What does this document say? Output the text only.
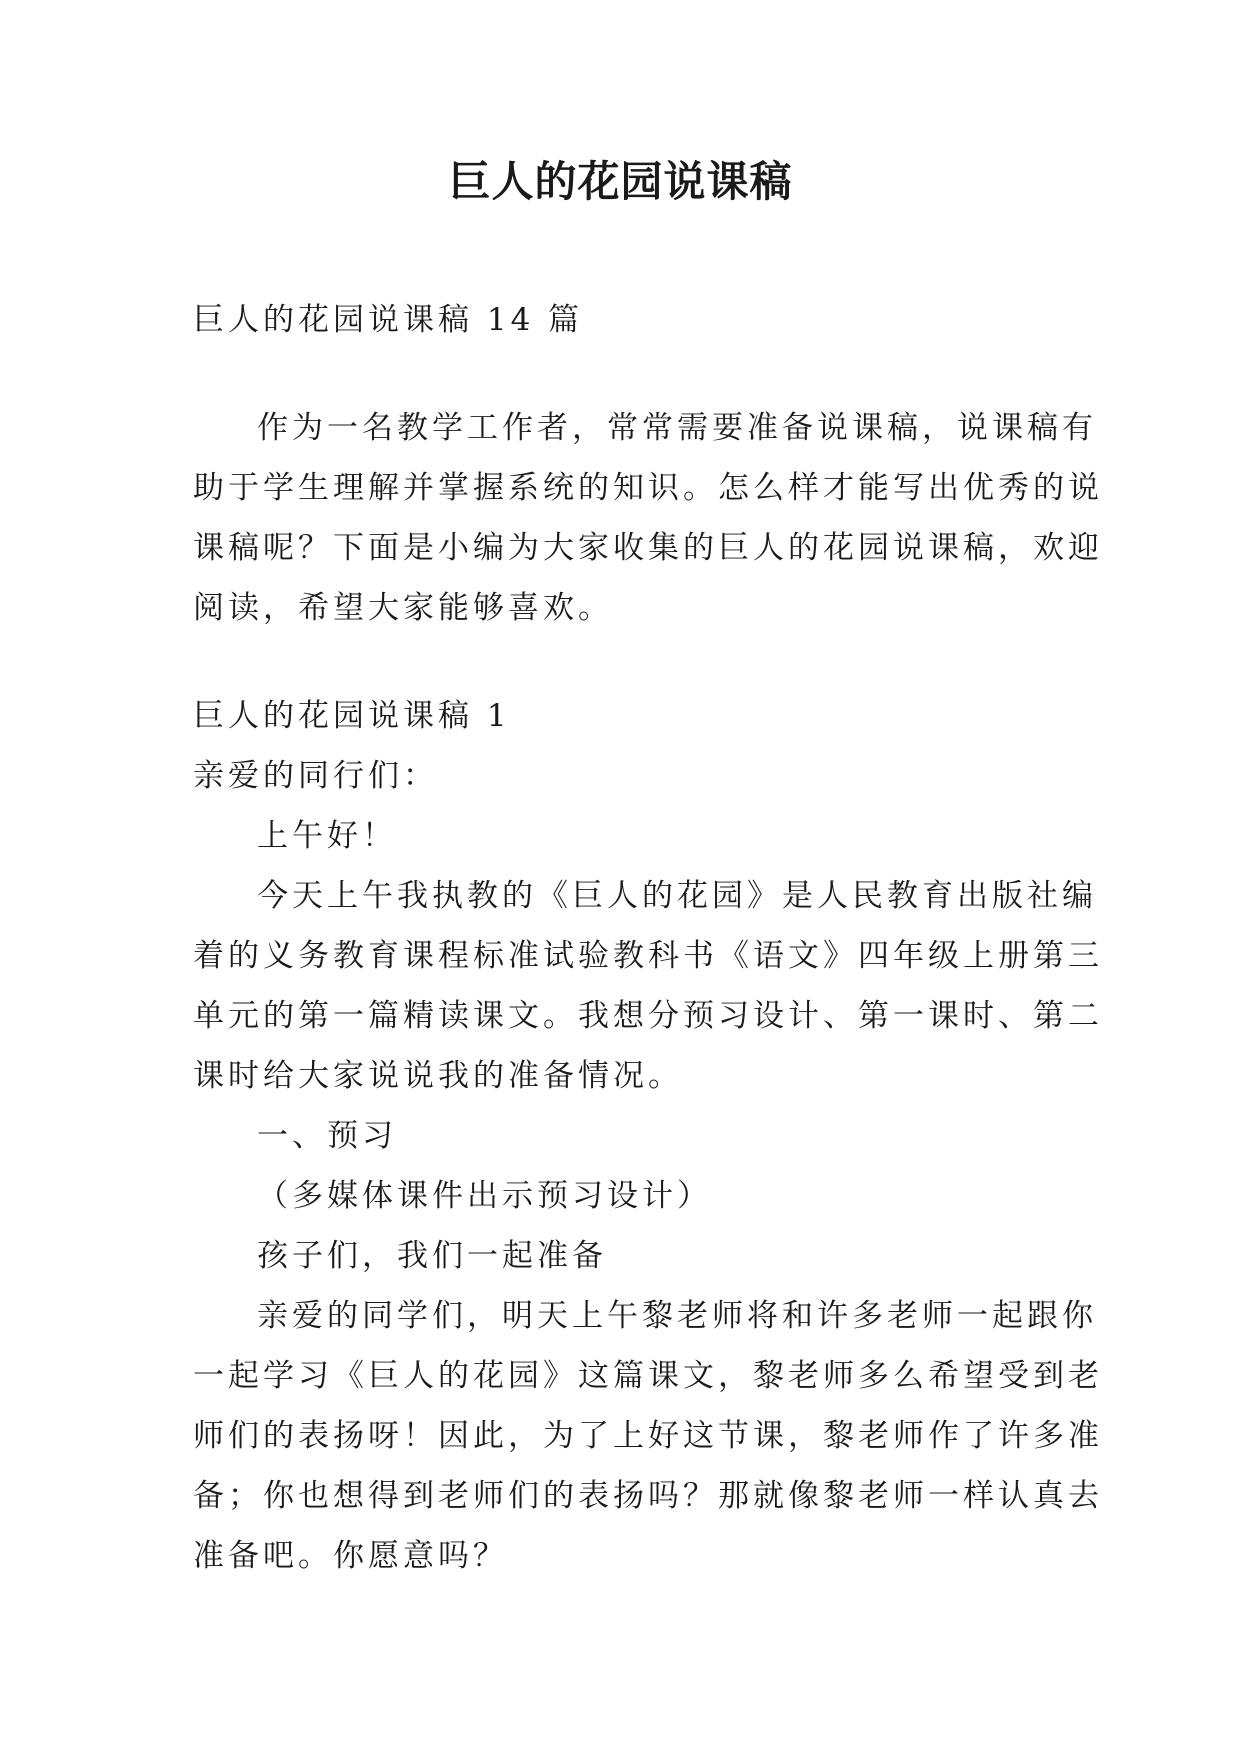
巨人的花园说课稿
巨人的花园说课稿 14 篇
作为一名教学工作者，常常需要准备说课稿，说课稿有
助于学生理解并掌握系统的知识。怎么样才能写出优秀的说
课稿呢？下面是小编为大家收集的巨人的花园说课稿，欢迎
阅读，希望大家能够喜欢。
巨人的花园说课稿 1
亲爱的同行们：
上午好！
今天上午我执教的《巨人的花园》是人民教育出版社编
着的义务教育课程标准试验教科书《语文》四年级上册第三
单元的第一篇精读课文。我想分预习设计、第一课时、第二
课时给大家说说我的准备情况。
一、预习
（多媒体课件出示预习设计）
孩子们，我们一起准备
亲爱的同学们，明天上午黎老师将和许多老师一起跟你
一起学习《巨人的花园》这篇课文，黎老师多么希望受到老
师们的表扬呀！因此，为了上好这节课，黎老师作了许多准
备；你也想得到老师们的表扬吗？那就像黎老师一样认真去
准备吧。你愿意吗？
